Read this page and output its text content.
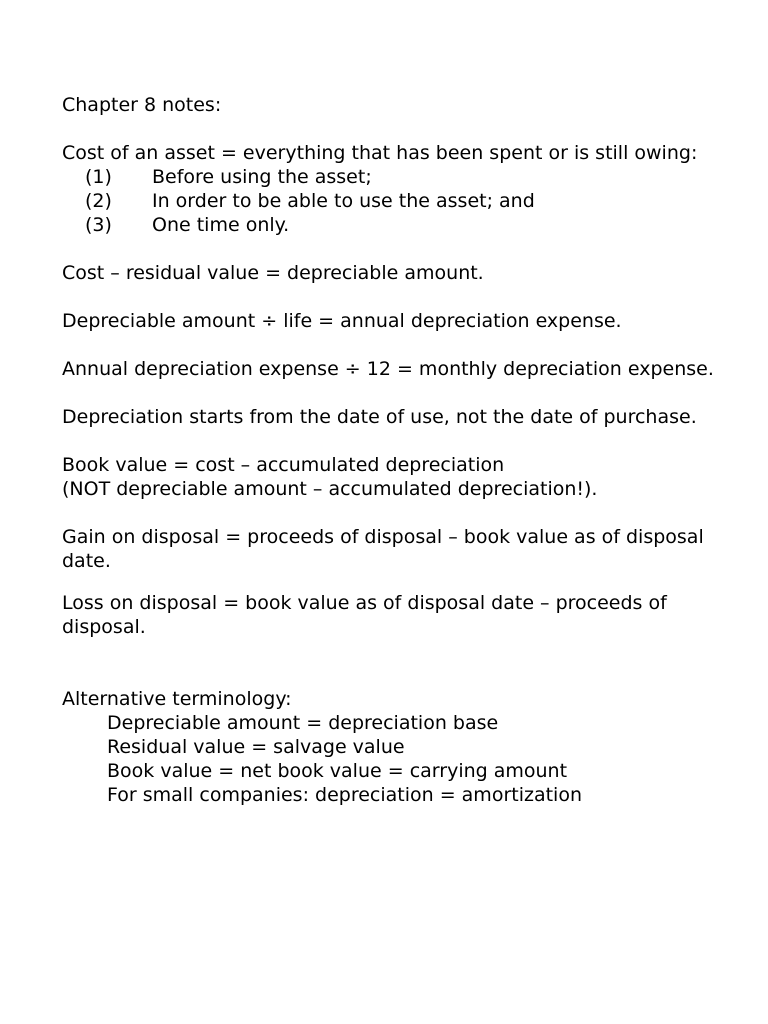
Chapter 8 notes:

Cost of an asset = everything that has been spent or is still owing:

(1)	Before using the asset;
(2)	In order to be able to use the asset; and
(3)	One time only.

Cost – residual value = depreciable amount.

Depreciable amount ÷ life = annual depreciation expense.

Annual depreciation expense ÷ 12 = monthly depreciation expense.

Depreciation starts from the date of use, not the date of purchase.

Book value = cost – accumulated depreciation

(NOT depreciable amount – accumulated depreciation!).

Gain on disposal = proceeds of disposal – book value as of disposal date.

Loss on disposal = book value as of disposal date – proceeds of disposal.

Alternative terminology:

Depreciable amount = depreciation base

Residual value = salvage value

Book value = net book value = carrying amount

For small companies: depreciation = amortization
